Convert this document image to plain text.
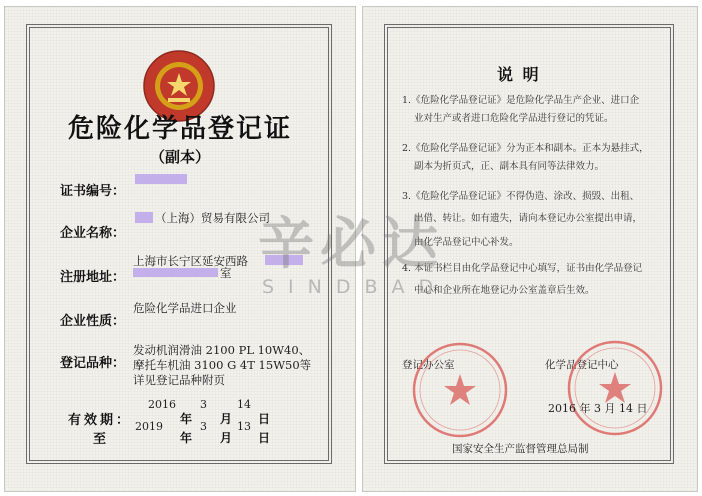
危险化学品登记证
（副本）
证书编号：
企业名称：
（上海）贸易有限公司
注册地址：
上海市长宁区延安西路
室
企业性质：
危险化学品进口企业
登记品种：
发动机润滑油 2100 PL 10W40、
摩托车机油 3100 G 4T 15W50等
详见登记品种附页
有效期：
至
2016 3	14
年 月 日
2019	3	13
年 月 日
说 明
1.《危险化学品登记证》是危险化学品生产企业、进口企
业对生产或者进口危险化学品进行登记的凭证。
2.《危险化学品登记证》分为正本和副本。正本为悬挂式，
副本为折页式，正、副本具有同等法律效力。
3.《危险化学品登记证》不得伪造、涂改、损毁、出租、
出借、转让。如有遗失，请向本登记办公室提出申请，
由化学品登记中心补发。
4. 本证书栏目由化学品登记中心填写，证书由化学品登记
中心和企业所在地登记办公室盖章后生效。
登记办公室	化学品登记中心
2016 年 3 月 14 日
国家安全生产监督管理总局制
辛必达
SINDBAD
